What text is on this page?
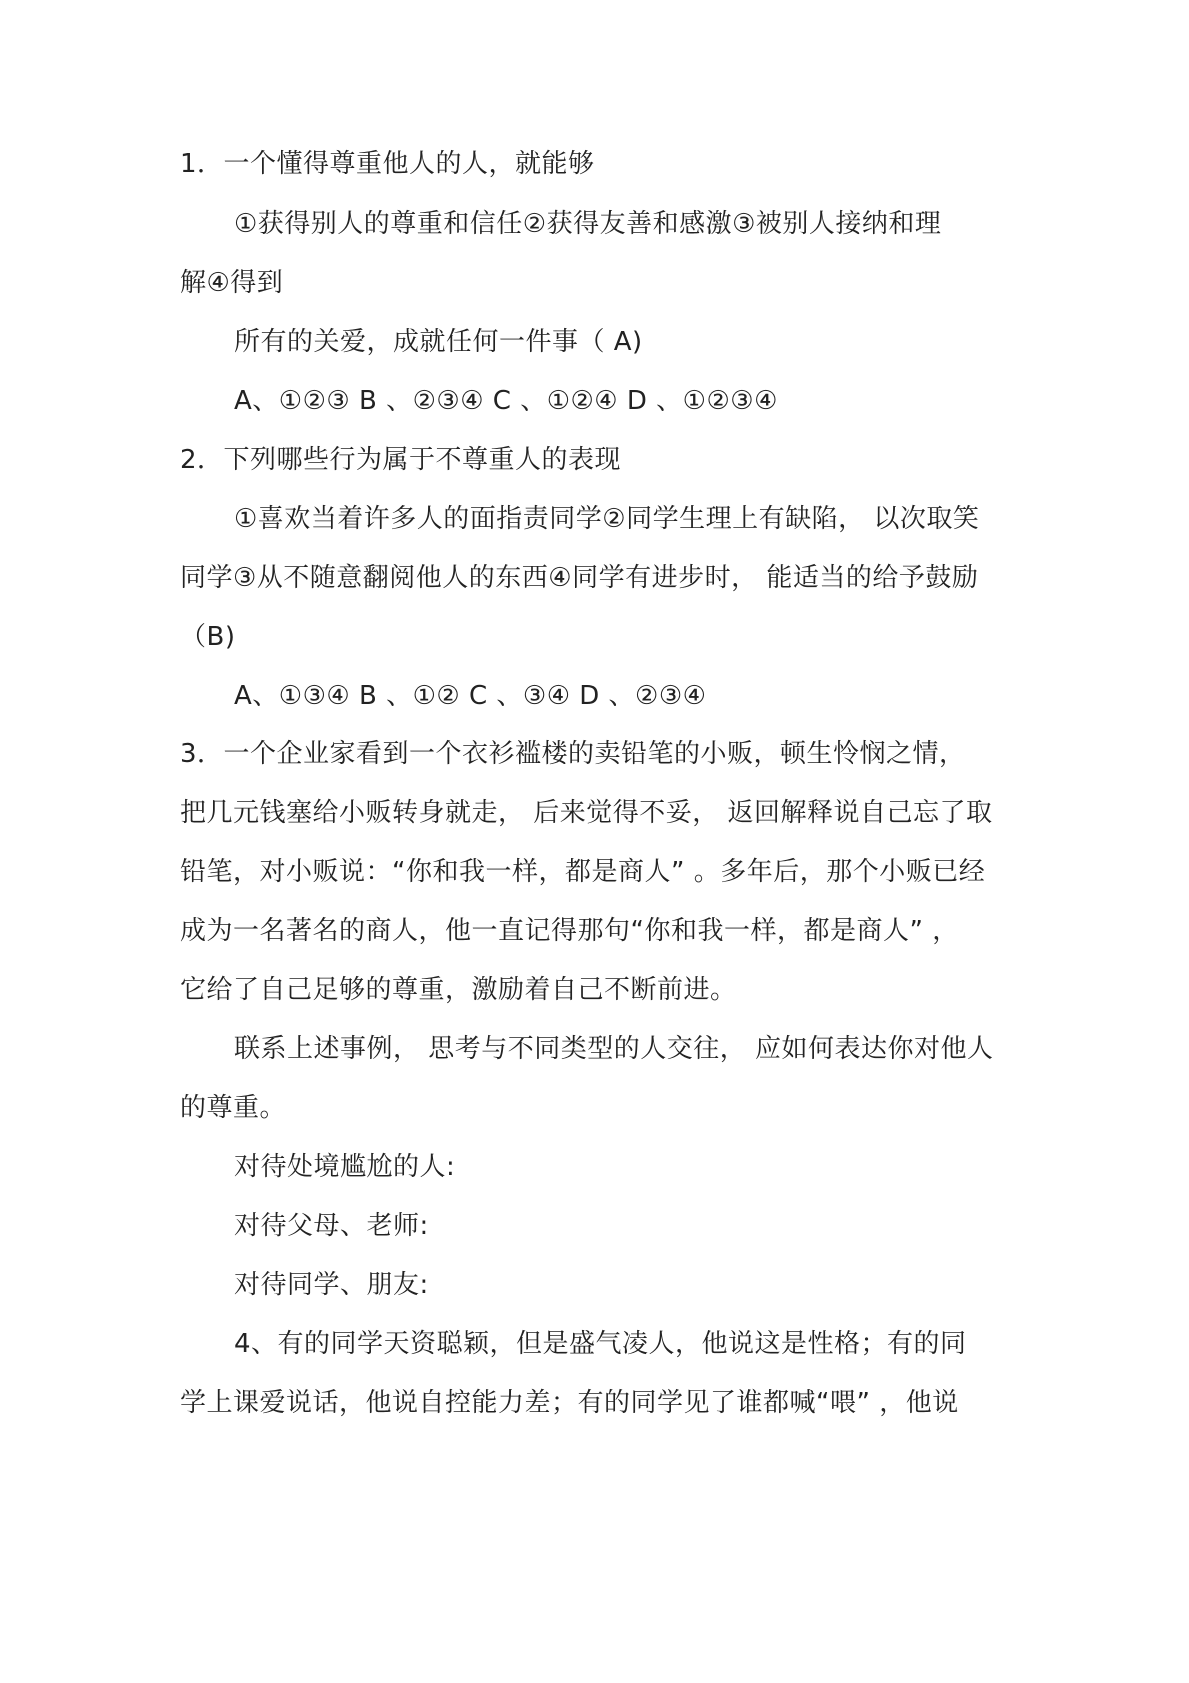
1．一个懂得尊重他人的人，就能够
①获得别人的尊重和信任②获得友善和感激③被别人接纳和理
解④得到
所有的关爱，成就任何一件事（ A)
A、①②③ B 、②③④ C 、①②④ D 、①②③④
2．下列哪些行为属于不尊重人的表现
①喜欢当着许多人的面指责同学②同学生理上有缺陷， 以次取笑
同学③从不随意翻阅他人的东西④同学有进步时， 能适当的给予鼓励
（B)
A、①③④ B 、①② C 、③④ D 、②③④
3．一个企业家看到一个衣衫褴楼的卖铅笔的小贩，顿生怜悯之情，
把几元钱塞给小贩转身就走， 后来觉得不妥， 返回解释说自己忘了取
铅笔，对小贩说：“你和我一样，都是商人” 。多年后，那个小贩已经
成为一名著名的商人，他一直记得那句“你和我一样，都是商人” ，
它给了自己足够的尊重，激励着自己不断前进。
联系上述事例， 思考与不同类型的人交往， 应如何表达你对他人
的尊重。
对待处境尴尬的人:
对待父母、老师:
对待同学、朋友:
4、有的同学天资聪颖，但是盛气凌人，他说这是性格；有的同
学上课爱说话，他说自控能力差；有的同学见了谁都喊“喂” ，他说
